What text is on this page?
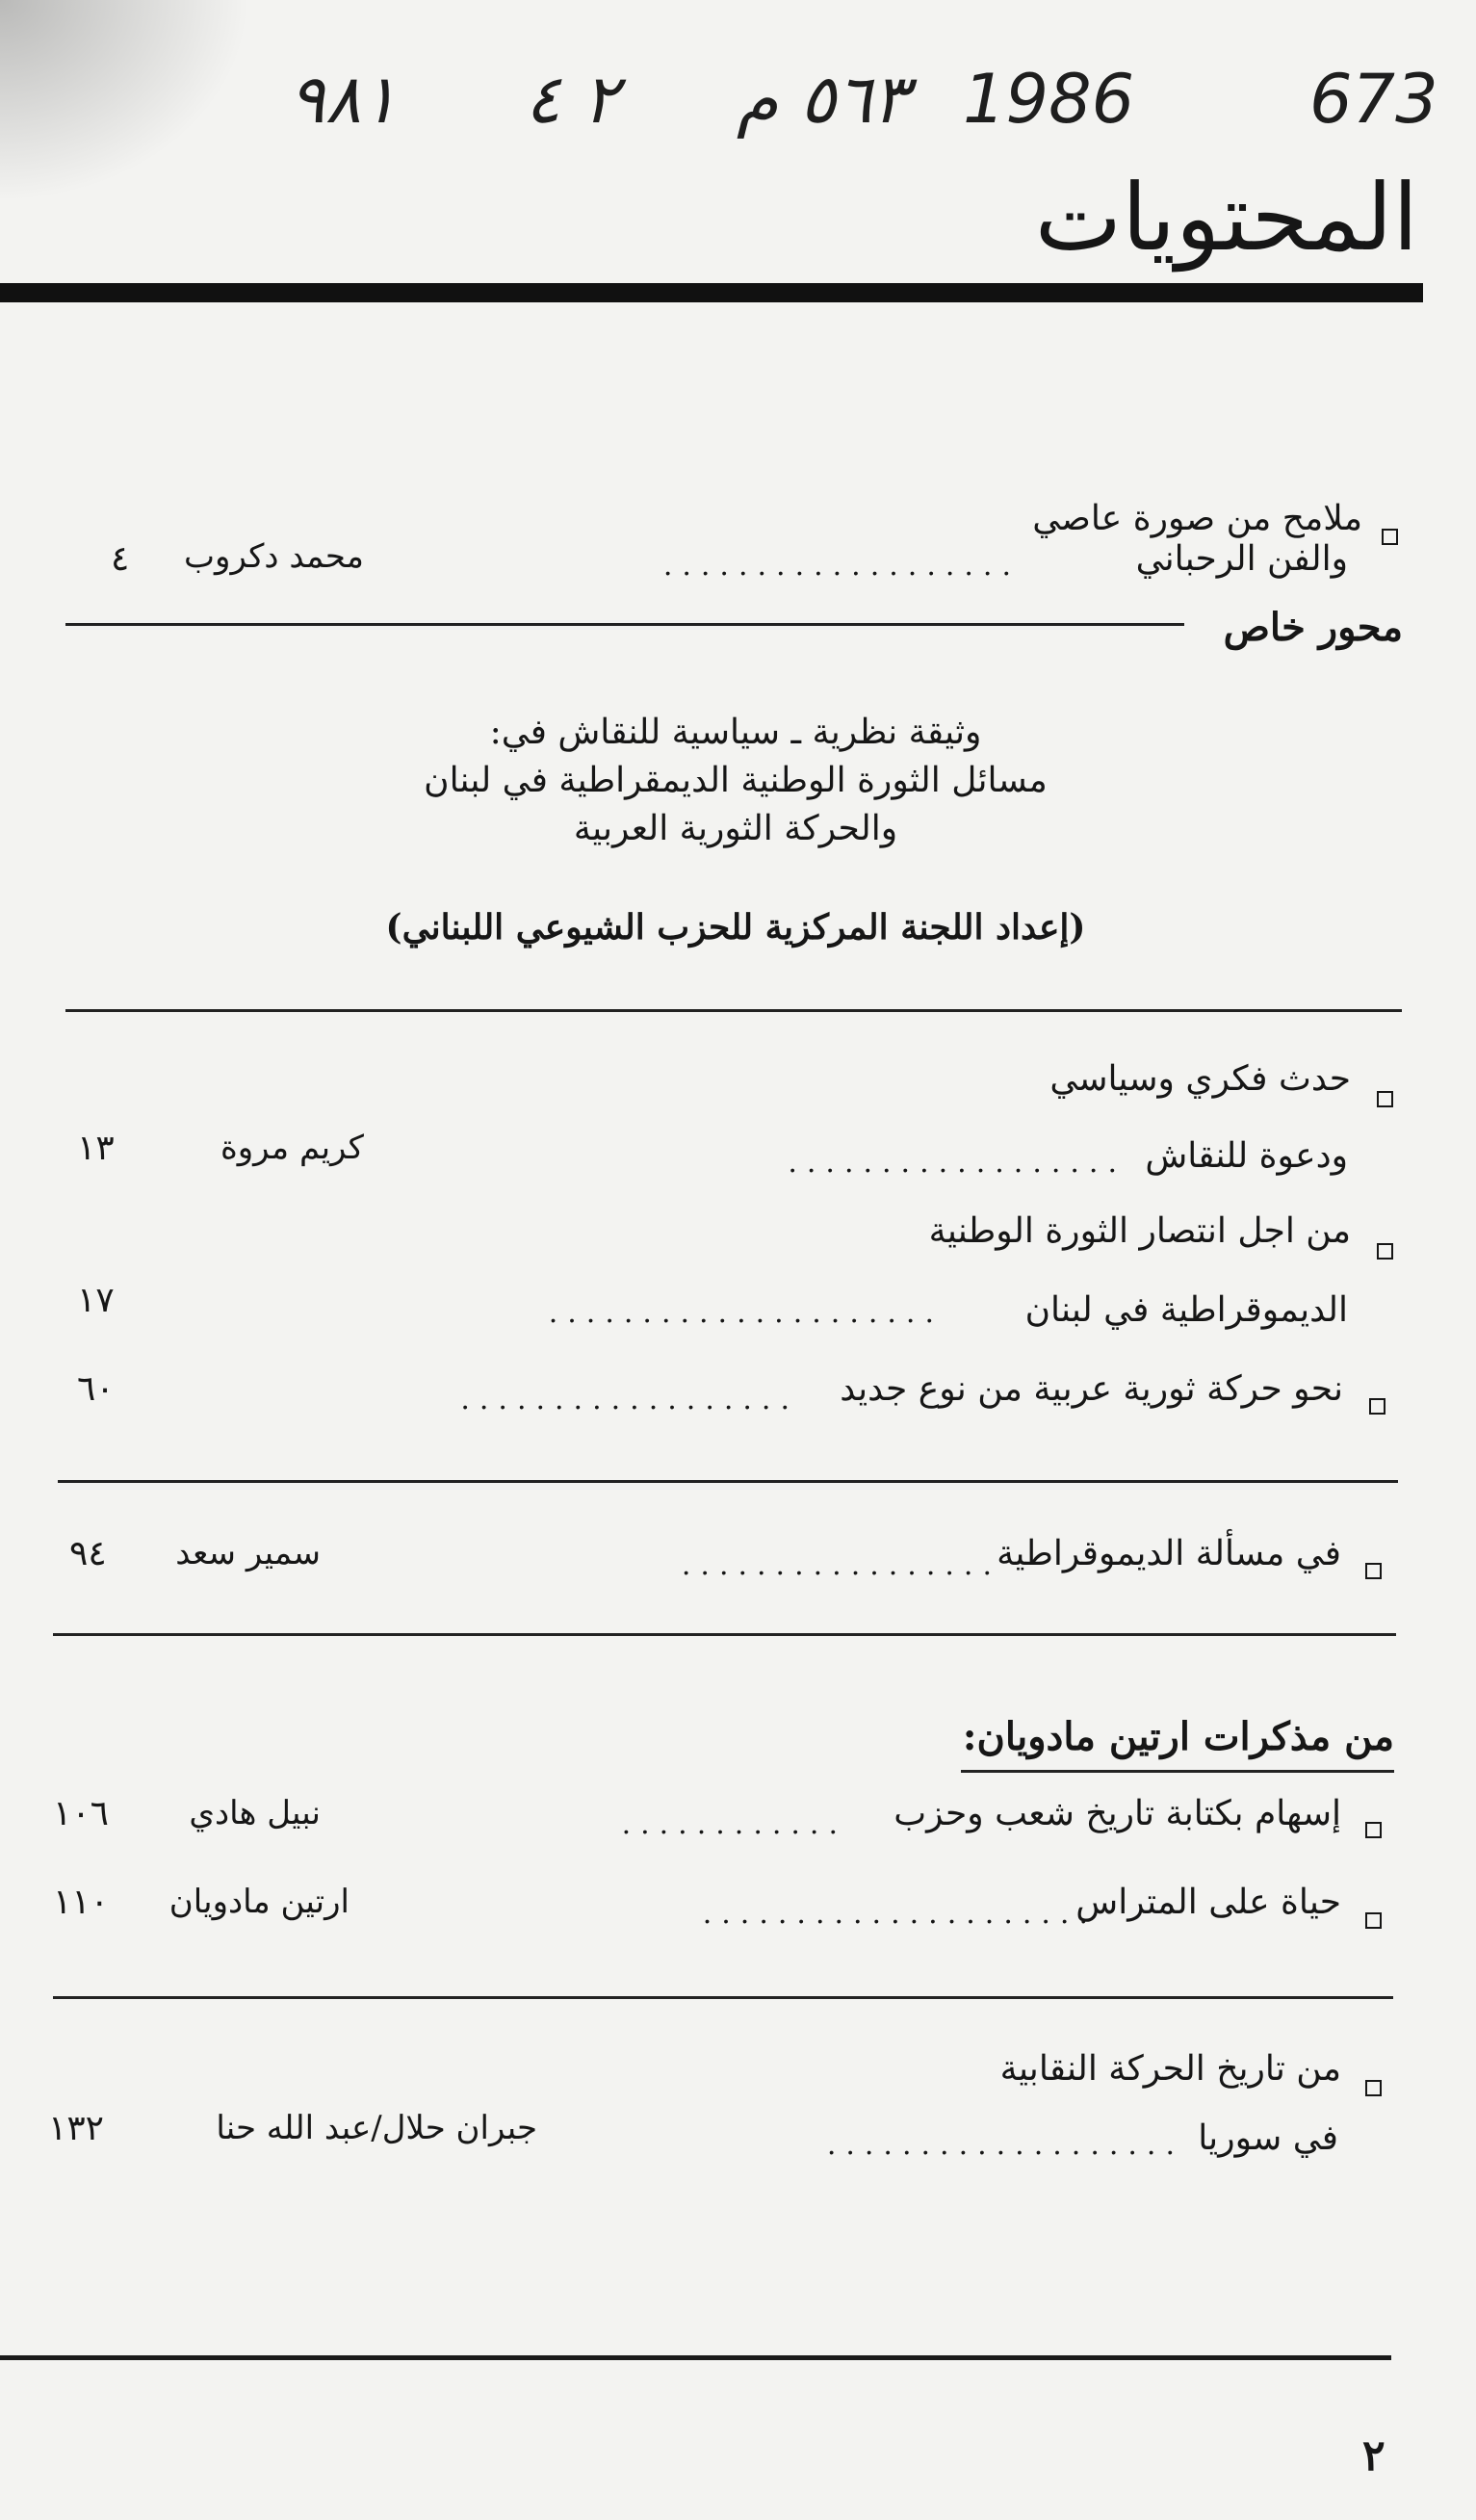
٩٨١ ٢ ٤ ٥٦٣ م 1986	673
المحتويات
ملامح من صورة عاصي
والفن الرحباني
...................
محمد دكروب
٤
محور خاص
وثيقة نظرية ـ سياسية للنقاش في:
مسائل الثورة الوطنية الديمقراطية في لبنان
والحركة الثورية العربية
(إعداد اللجنة المركزية للحزب الشيوعي اللبناني)
حدث فكري وسياسي
ودعوة للنقاش
..................
كريم مروة
١٣
من اجل انتصار الثورة الوطنية
الديموقراطية في لبنان
.....................
١٧
نحو حركة ثورية عربية من نوع جديد
..................
٦٠
في مسألة الديموقراطية
.................
سمير سعد
٩٤
من مذكرات ارتين مادويان:
إسهام بكتابة تاريخ شعب وحزب
............
نبيل هادي
١٠٦
حياة على المتراس
.....................
ارتين مادويان
١١٠
من تاريخ الحركة النقابية
في سوريا
...................
جبران حلال/عبد الله حنا
١٣٢
٢
